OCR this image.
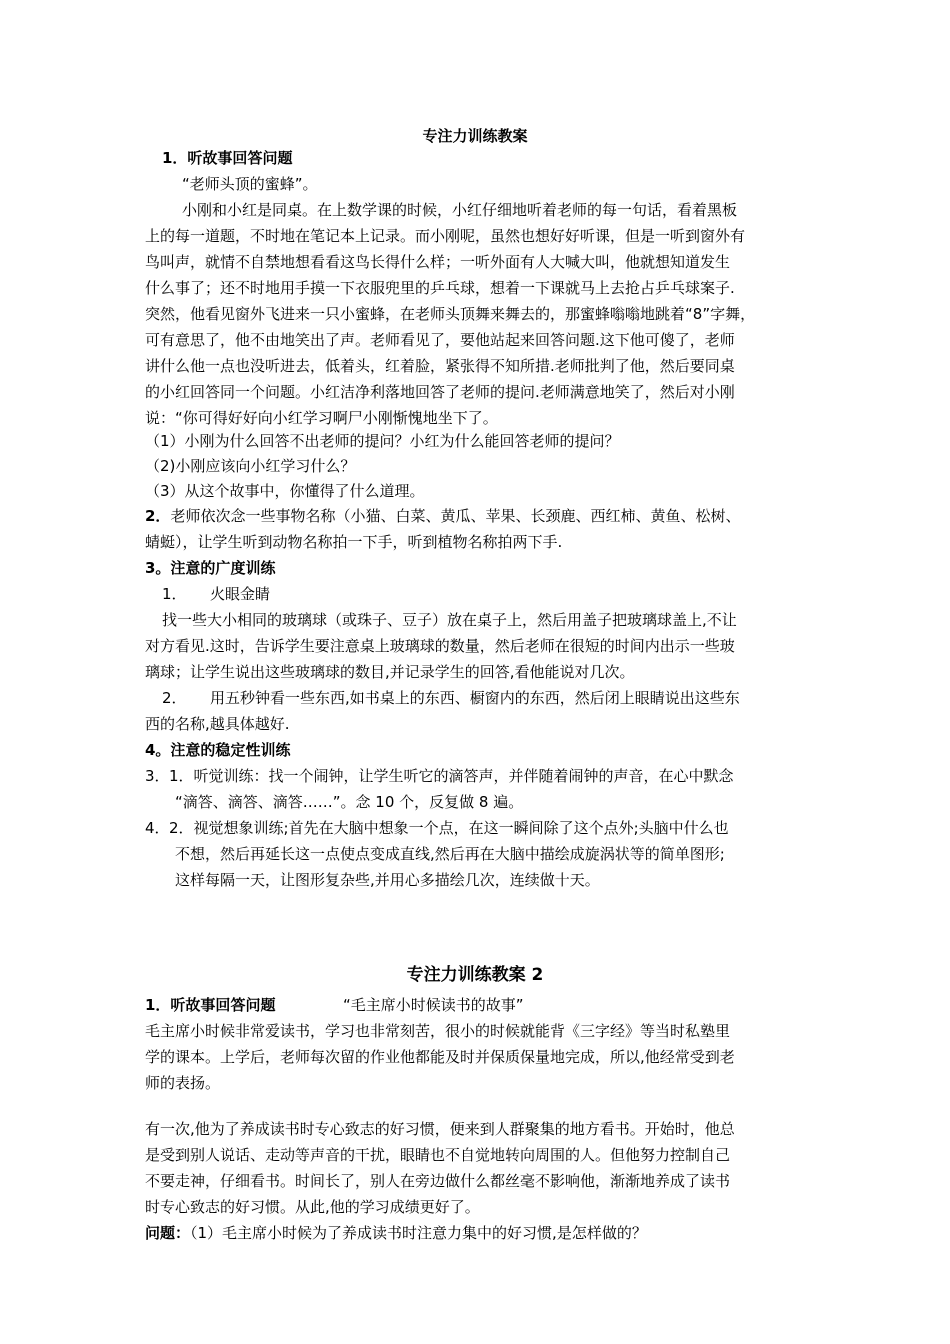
专注力训练教案
1．听故事回答问题
“老师头顶的蜜蜂”。
小刚和小红是同桌。在上数学课的时候，小红仔细地听着老师的每一句话，看着黑板
上的每一道题，不时地在笔记本上记录。而小刚呢，虽然也想好好听课，但是一听到窗外有
鸟叫声，就情不自禁地想看看这鸟长得什么样；一听外面有人大喊大叫，他就想知道发生
什么事了；还不时地用手摸一下衣服兜里的乒乓球，想着一下课就马上去抢占乒乓球案子.
突然，他看见窗外飞进来一只小蜜蜂，在老师头顶舞来舞去的，那蜜蜂嗡嗡地跳着“8”字舞，
可有意思了，他不由地笑出了声。老师看见了，要他站起来回答问题.这下他可傻了，老师
讲什么他一点也没听进去，低着头，红着脸，紧张得不知所措.老师批判了他，然后要同桌
的小红回答同一个问题。小红洁净利落地回答了老师的提问.老师满意地笑了，然后对小刚
说：“你可得好好向小红学习啊尸小刚惭愧地坐下了。
（1）小刚为什么回答不出老师的提问？小红为什么能回答老师的提问？
（2)小刚应该向小红学习什么？
（3）从这个故事中，你懂得了什么道理。
2．老师依次念一些事物名称（小猫、白菜、黄瓜、苹果、长颈鹿、西红柿、黄鱼、松树、
蜻蜓），让学生听到动物名称拍一下手，听到植物名称拍两下手.
3。注意的广度训练
1． 火眼金睛
找一些大小相同的玻璃球（或珠子、豆子）放在桌子上，然后用盖子把玻璃球盖上,不让
对方看见.这时，告诉学生要注意桌上玻璃球的数量，然后老师在很短的时间内出示一些玻
璃球；让学生说出这些玻璃球的数目,并记录学生的回答,看他能说对几次。
2． 用五秒钟看一些东西,如书桌上的东西、橱窗内的东西，然后闭上眼睛说出这些东
西的名称,越具体越好.
4。注意的稳定性训练
3．1．听觉训练：找一个闹钟，让学生听它的滴答声，并伴随着闹钟的声音，在心中默念
“滴答、滴答、滴答……”。念 10 个，反复做 8 遍。
4．2．视觉想象训练;首先在大脑中想象一个点，在这一瞬间除了这个点外;头脑中什么也
不想，然后再延长这一点使点变成直线,然后再在大脑中描绘成旋涡状等的简单图形;
这样每隔一天，让图形复杂些,并用心多描绘几次，连续做十天。
专注力训练教案 2
1．听故事回答问题	“毛主席小时候读书的故事”
毛主席小时候非常爱读书，学习也非常刻苦，很小的时候就能背《三字经》等当时私塾里
学的课本。上学后，老师每次留的作业他都能及时并保质保量地完成，所以,他经常受到老
师的表扬。
有一次,他为了养成读书时专心致志的好习惯，便来到人群聚集的地方看书。开始时，他总
是受到别人说话、走动等声音的干扰，眼睛也不自觉地转向周围的人。但他努力控制自己
不要走神，仔细看书。时间长了，别人在旁边做什么都丝毫不影响他，渐渐地养成了读书
时专心致志的好习惯。从此,他的学习成绩更好了。
问题：（1）毛主席小时候为了养成读书时注意力集中的好习惯,是怎样做的？
